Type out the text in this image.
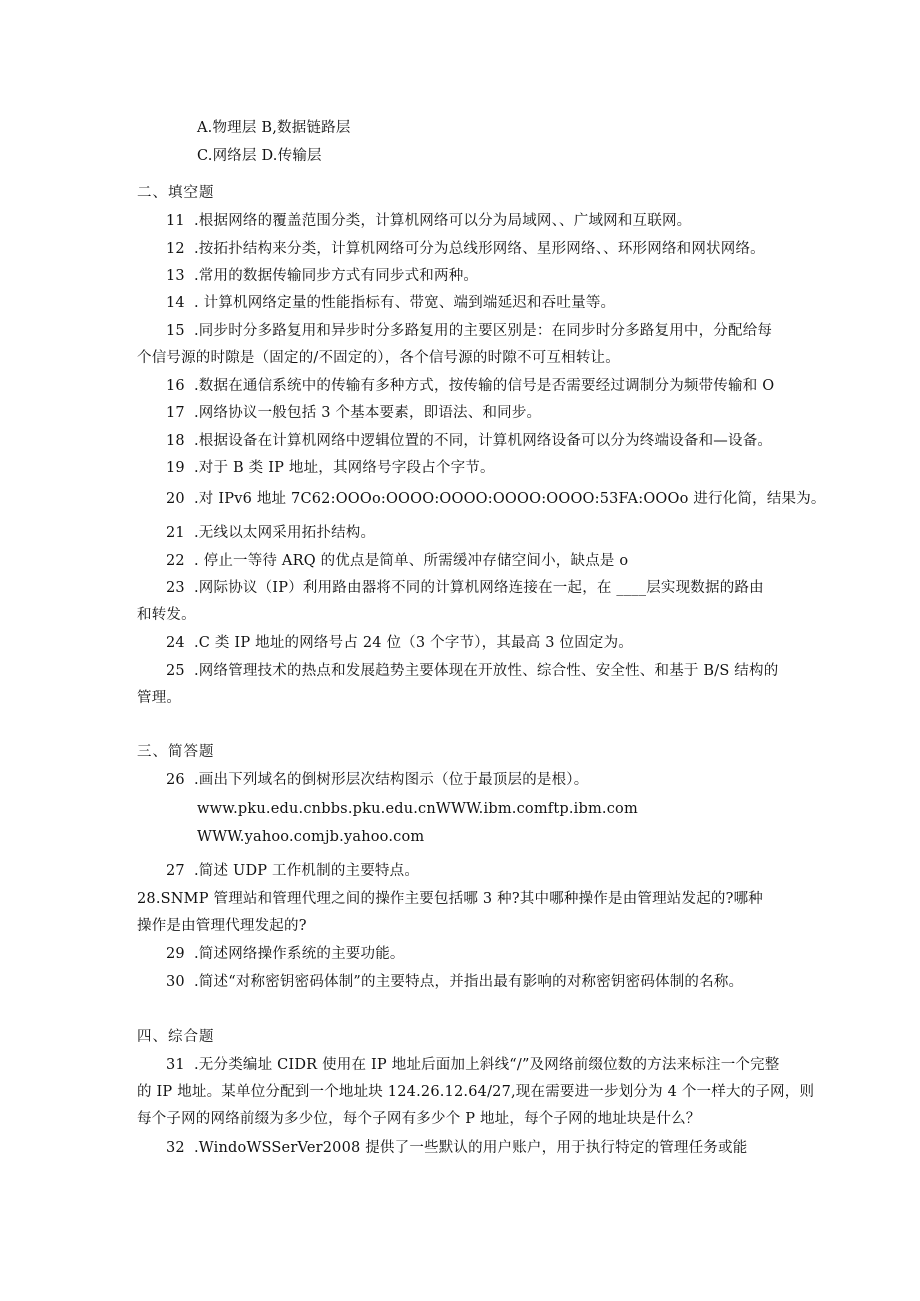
A.物理层 B,数据链路层
C.网络层 D.传输层
二、填空题
11 .根据网络的覆盖范围分类，计算机网络可以分为局域网、、广域网和互联网。
12 .按拓扑结构来分类，计算机网络可分为总线形网络、星形网络、、环形网络和网状网络。
13 .常用的数据传输同步方式有同步式和两种。
14 . 计算机网络定量的性能指标有、带宽、端到端延迟和吞吐量等。
15 .同步时分多路复用和异步时分多路复用的主要区别是：在同步时分多路复用中，分配给每
个信号源的时隙是（固定的/不固定的），各个信号源的时隙不可互相转让。
16 .数据在通信系统中的传输有多种方式，按传输的信号是否需要经过调制分为频带传输和 O
17 .网络协议一般包括 3 个基本要素，即语法、和同步。
18 .根据设备在计算机网络中逻辑位置的不同，计算机网络设备可以分为终端设备和—设备。
19 .对于 B 类 IP 地址，其网络号字段占个字节。
20 .对 IPv6 地址 7C62:OOOo:OOOO:OOOO:OOOO:OOOO:53FA:OOOo 进行化简，结果为。
21 .无线以太网采用拓扑结构。
22 . 停止一等待 ARQ 的优点是简单、所需缓冲存储空间小，缺点是 o
23 .网际协议（IP）利用路由器将不同的计算机网络连接在一起，在 ____层实现数据的路由
和转发。
24 .C 类 IP 地址的网络号占 24 位（3 个字节），其最高 3 位固定为。
25 .网络管理技术的热点和发展趋势主要体现在开放性、综合性、安全性、和基于 B/S 结构的
管理。
三、简答题
26 .画出下列域名的倒树形层次结构图示（位于最顶层的是根）。
www.pku.edu.cnbbs.pku.edu.cnWWW.ibm.comftp.ibm.com
WWW.yahoo.comjb.yahoo.com
27 .简述 UDP 工作机制的主要特点。
28.SNMP 管理站和管理代理之间的操作主要包括哪 3 种?其中哪种操作是由管理站发起的?哪种
操作是由管理代理发起的?
29 .简述网络操作系统的主要功能。
30 .简述“对称密钥密码体制”的主要特点，并指出最有影响的对称密钥密码体制的名称。
四、综合题
31 .无分类编址 CIDR 使用在 IP 地址后面加上斜线“/”及网络前缀位数的方法来标注一个完整
的 IP 地址。某单位分配到一个地址块 124.26.12.64/27,现在需要进一步划分为 4 个一样大的子网，则
每个子网的网络前缀为多少位，每个子网有多少个 P 地址，每个子网的地址块是什么？
32 .WindoWSSerVer2008 提供了一些默认的用户账户，用于执行特定的管理任务或能
